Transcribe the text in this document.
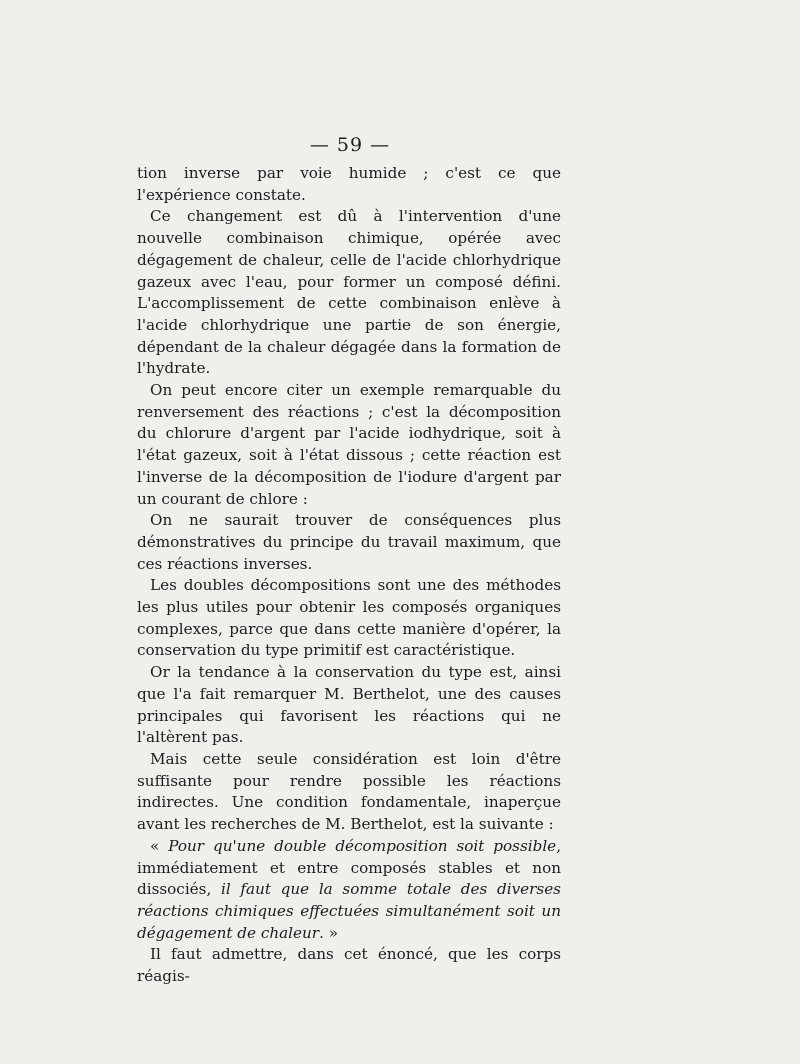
— 59 —

tion inverse par voie humide ; c'est ce que l'expérience constate.

Ce changement est dû à l'intervention d'une nouvelle combinaison chimique, opérée avec dégagement de chaleur, celle de l'acide chlorhydrique gazeux avec l'eau, pour former un composé défini. L'accomplissement de cette combinaison enlève à l'acide chlorhydrique une partie de son énergie, dépendant de la chaleur dégagée dans la formation de l'hydrate.

On peut encore citer un exemple remarquable du renversement des réactions ; c'est la décomposition du chlorure d'argent par l'acide iodhydrique, soit à l'état gazeux, soit à l'état dissous ; cette réaction est l'inverse de la décomposition de l'iodure d'argent par un courant de chlore :

On ne saurait trouver de conséquences plus démonstratives du principe du travail maximum, que ces réactions inverses.

Les doubles décompositions sont une des méthodes les plus utiles pour obtenir les composés organiques complexes, parce que dans cette manière d'opérer, la conservation du type primitif est caractéristique.

Or la tendance à la conservation du type est, ainsi que l'a fait remarquer M. Berthelot, une des causes principales qui favorisent les réactions qui ne l'altèrent pas.

Mais cette seule considération est loin d'être suffisante pour rendre possible les réactions indirectes. Une condition fondamentale, inaperçue avant les recherches de M. Berthelot, est la suivante :

« Pour qu'une double décomposition soit possible, immédiatement et entre composés stables et non dissociés, il faut que la somme totale des diverses réactions chimiques effectuées simultanément soit un dégagement de chaleur. »

Il faut admettre, dans cet énoncé, que les corps réagis-
